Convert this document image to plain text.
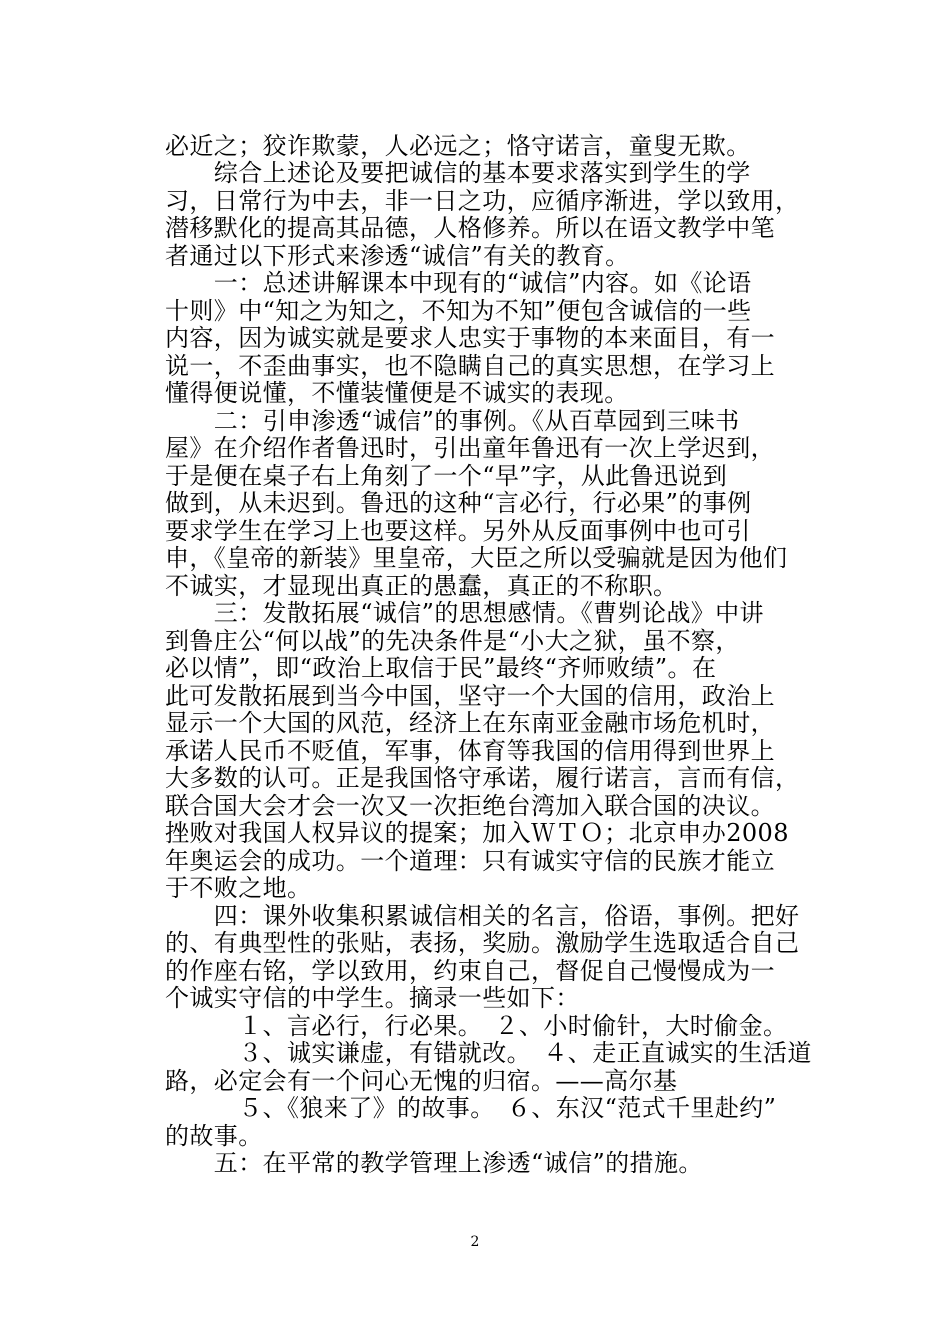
必近之；狡诈欺蒙，人必远之；恪守诺言，童叟无欺。
　　综合上述论及要把诚信的基本要求落实到学生的学
习，日常行为中去，非一日之功，应循序渐进，学以致用，
潜移默化的提高其品德，人格修养。所以在语文教学中笔
者通过以下形式来渗透“诚信”有关的教育。
　　一：总述讲解课本中现有的“诚信”内容。如《论语
十则》中“知之为知之，不知为不知”便包含诚信的一些
内容，因为诚实就是要求人忠实于事物的本来面目，有一
说一，不歪曲事实，也不隐瞒自己的真实思想，在学习上
懂得便说懂，不懂装懂便是不诚实的表现。
　　二：引申渗透“诚信”的事例。《从百草园到三味书
屋》在介绍作者鲁迅时，引出童年鲁迅有一次上学迟到，
于是便在桌子右上角刻了一个“早”字，从此鲁迅说到
做到，从未迟到。鲁迅的这种“言必行，行必果”的事例
要求学生在学习上也要这样。另外从反面事例中也可引
申，《皇帝的新装》里皇帝，大臣之所以受骗就是因为他们
不诚实，才显现出真正的愚蠢，真正的不称职。
　　三：发散拓展“诚信”的思想感情。《曹刿论战》中讲
到鲁庄公“何以战”的先决条件是“小大之狱，虽不察，
必以情”，即“政治上取信于民”最终“齐师败绩”。在
此可发散拓展到当今中国，坚守一个大国的信用，政治上
显示一个大国的风范，经济上在东南亚金融市场危机时，
承诺人民币不贬值，军事，体育等我国的信用得到世界上
大多数的认可。正是我国恪守承诺，履行诺言，言而有信，
联合国大会才会一次又一次拒绝台湾加入联合国的决议。
挫败对我国人权异议的提案；加入ＷＴＯ；北京申办2008
年奥运会的成功。一个道理：只有诚实守信的民族才能立
于不败之地。
　　四：课外收集积累诚信相关的名言，俗语，事例。把好
的、有典型性的张贴，表扬，奖励。激励学生选取适合自己
的作座右铭，学以致用，约束自己，督促自己慢慢成为一
个诚实守信的中学生。摘录一些如下：
　　　１、言必行，行必果。　２、小时偷针，大时偷金。
　　　３、诚实谦虚，有错就改。　４、走正直诚实的生活道
路，必定会有一个问心无愧的归宿。——高尔基
　　　５、《狼来了》的故事。　６、东汉“范式千里赴约”
的故事。
　　五：在平常的教学管理上渗透“诚信”的措施。
2
